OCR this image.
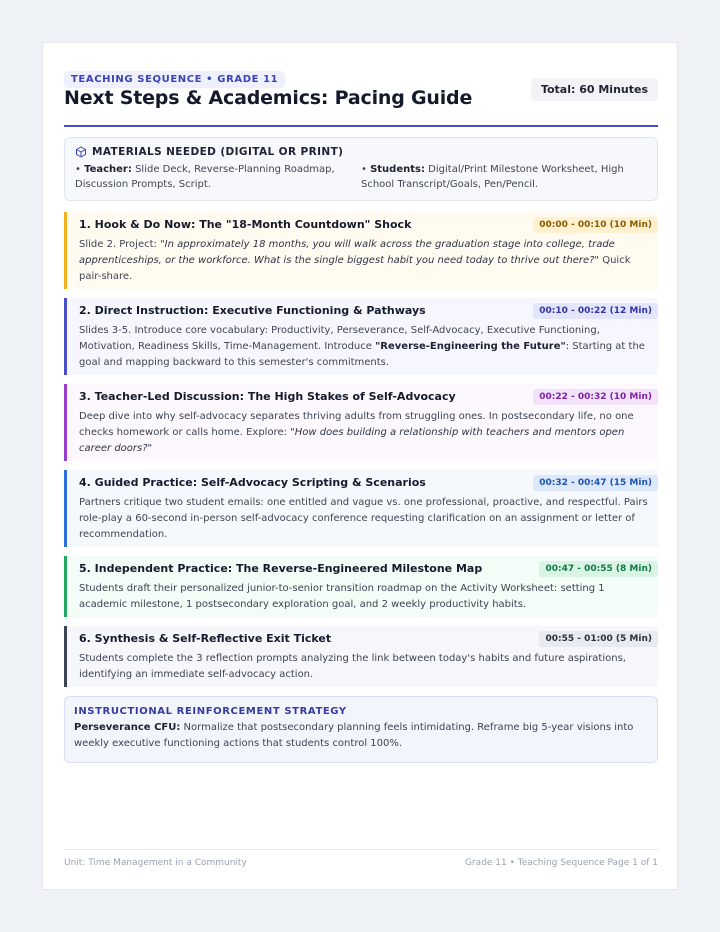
TEACHING SEQUENCE • GRADE 11
Next Steps & Academics: Pacing Guide	Total: 60 Minutes
MATERIALS NEEDED (DIGITAL OR PRINT)
• Teacher: Slide Deck, Reverse-Planning Roadmap, Discussion Prompts, Script.
• Students: Digital/Print Milestone Worksheet, High School Transcript/Goals, Pen/Pencil.
1. Hook & Do Now: The "18-Month Countdown" Shock	00:00 - 00:10 (10 Min)
Slide 2. Project: "In approximately 18 months, you will walk across the graduation stage into college, trade apprenticeships, or the workforce. What is the single biggest habit you need today to thrive out there?" Quick pair-share.
2. Direct Instruction: Executive Functioning & Pathways	00:10 - 00:22 (12 Min)
Slides 3-5. Introduce core vocabulary: Productivity, Perseverance, Self-Advocacy, Executive Functioning, Motivation, Readiness Skills, Time-Management. Introduce "Reverse-Engineering the Future": Starting at the goal and mapping backward to this semester's commitments.
3. Teacher-Led Discussion: The High Stakes of Self-Advocacy	00:22 - 00:32 (10 Min)
Deep dive into why self-advocacy separates thriving adults from struggling ones. In postsecondary life, no one checks homework or calls home. Explore: "How does building a relationship with teachers and mentors open career doors?"
4. Guided Practice: Self-Advocacy Scripting & Scenarios	00:32 - 00:47 (15 Min)
Partners critique two student emails: one entitled and vague vs. one professional, proactive, and respectful. Pairs role-play a 60-second in-person self-advocacy conference requesting clarification on an assignment or letter of recommendation.
5. Independent Practice: The Reverse-Engineered Milestone Map	00:47 - 00:55 (8 Min)
Students draft their personalized junior-to-senior transition roadmap on the Activity Worksheet: setting 1 academic milestone, 1 postsecondary exploration goal, and 2 weekly productivity habits.
6. Synthesis & Self-Reflective Exit Ticket	00:55 - 01:00 (5 Min)
Students complete the 3 reflection prompts analyzing the link between today's habits and future aspirations, identifying an immediate self-advocacy action.
INSTRUCTIONAL REINFORCEMENT STRATEGY
Perseverance CFU: Normalize that postsecondary planning feels intimidating. Reframe big 5-year visions into weekly executive functioning actions that students control 100%.
Unit: Time Management in a Community	Grade 11 • Teaching Sequence Page 1 of 1
